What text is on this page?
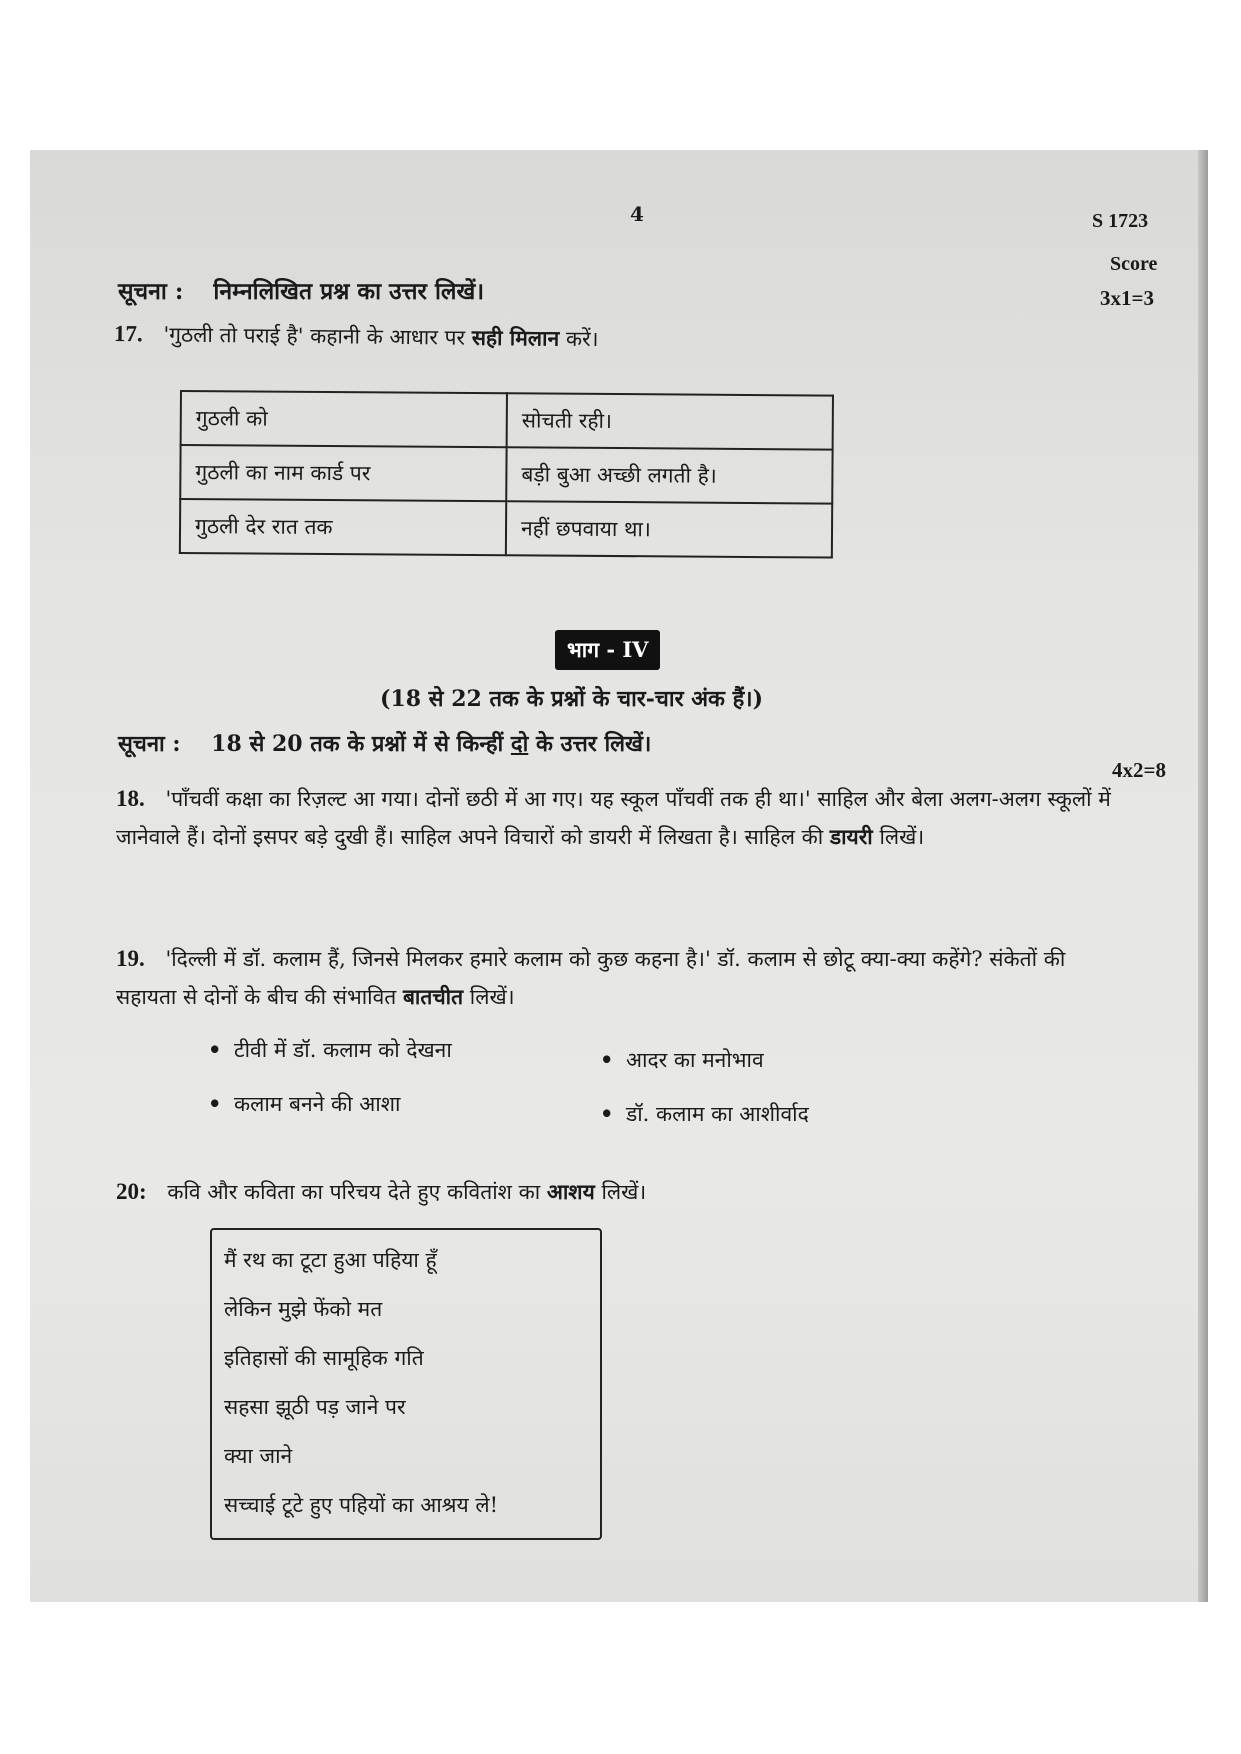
4	S 1723
Score
3x1=3
सूचना : निम्नलिखित प्रश्न का उत्तर लिखें।
17. 'गुठली तो पराई है' कहानी के आधार पर सही मिलान करें।
गुठली को	सोचती रही।
गुठली का नाम कार्ड पर	बड़ी बुआ अच्छी लगती है।
गुठली देर रात तक	नहीं छपवाया था।
भाग - IV
(18 से 22 तक के प्रश्नों के चार-चार अंक हैं।)
सूचना : 18 से 20 तक के प्रश्नों में से किन्हीं दो के उत्तर लिखें।
4x2=8
18. 'पाँचवीं कक्षा का रिज़ल्ट आ गया। दोनों छठी में आ गए। यह स्कूल पाँचवीं तक ही था।' साहिल और बेला अलग-अलग स्कूलों में जानेवाले हैं। दोनों इसपर बड़े दुखी हैं। साहिल अपने विचारों को डायरी में लिखता है। साहिल की डायरी लिखें।
19. 'दिल्ली में डॉ. कलाम हैं, जिनसे मिलकर हमारे कलाम को कुछ कहना है।' डॉ. कलाम से छोटू क्या-क्या कहेंगे? संकेतों की सहायता से दोनों के बीच की संभावित बातचीत लिखें।
• टीवी में डॉ. कलाम को देखना	• आदर का मनोभाव
• कलाम बनने की आशा	• डॉ. कलाम का आशीर्वाद
20: कवि और कविता का परिचय देते हुए कवितांश का आशय लिखें।
मैं रथ का टूटा हुआ पहिया हूँ
लेकिन मुझे फेंको मत
इतिहासों की सामूहिक गति
सहसा झूठी पड़ जाने पर
क्या जाने
सच्चाई टूटे हुए पहियों का आश्रय ले!
